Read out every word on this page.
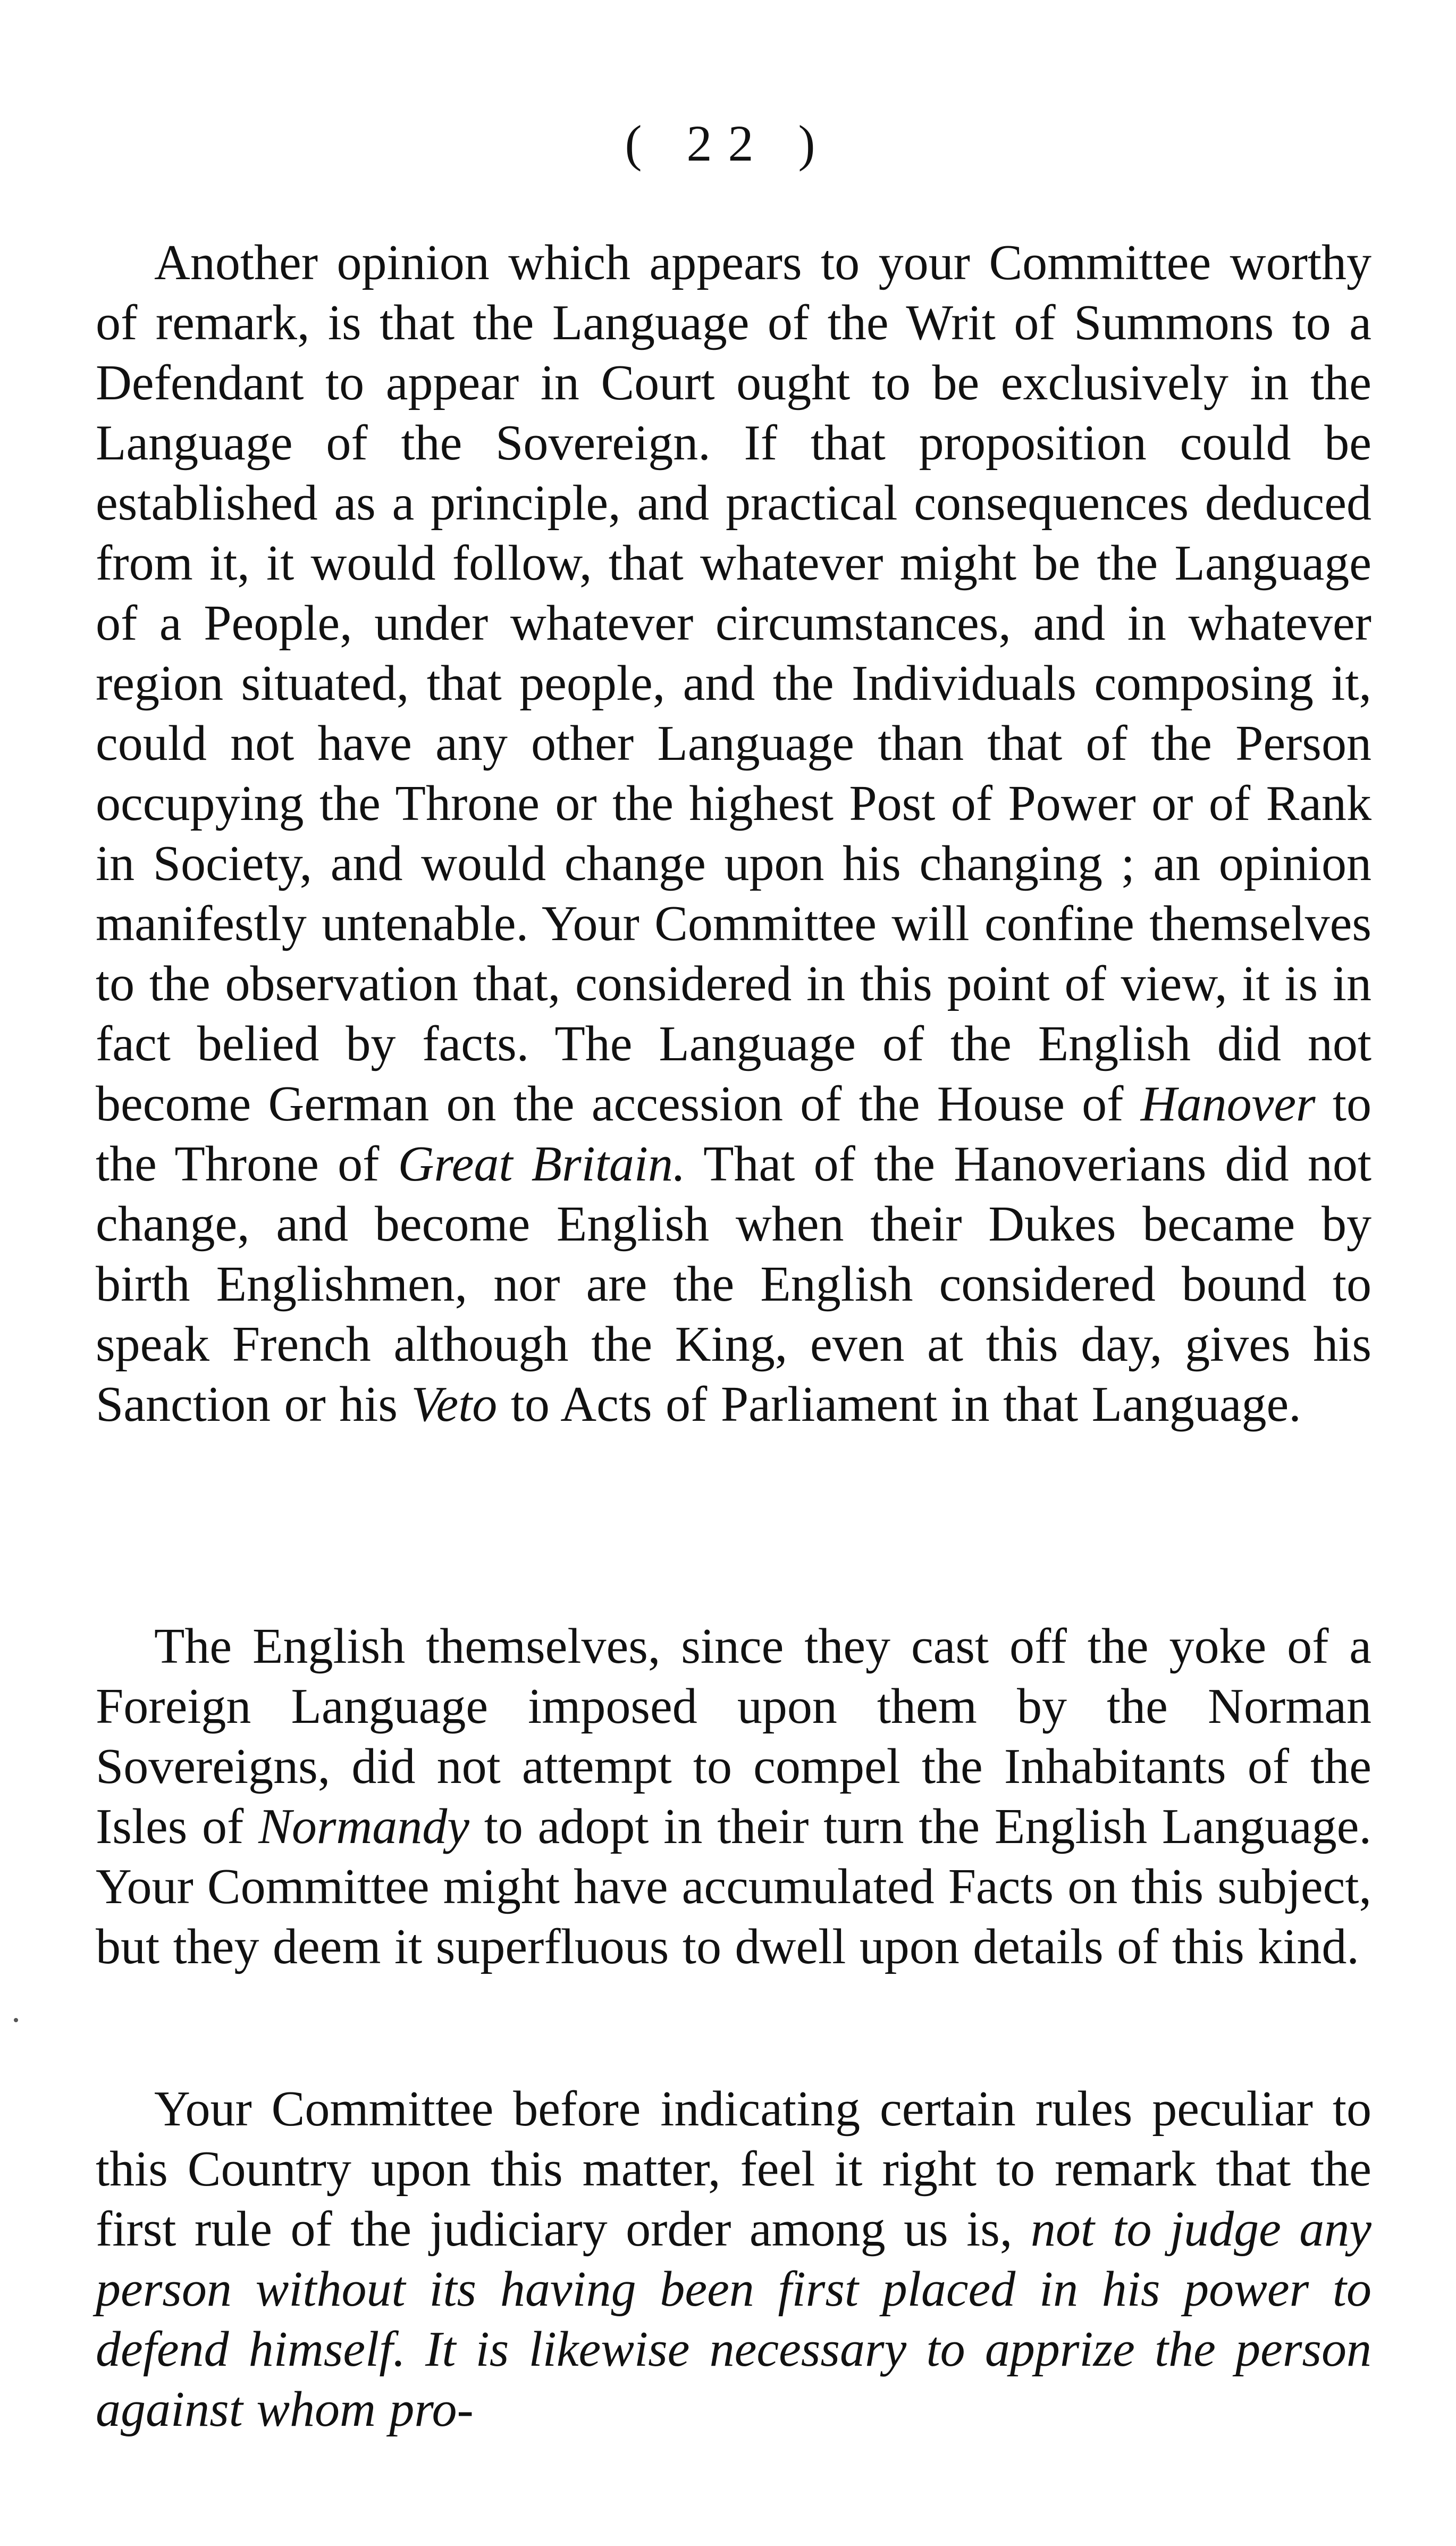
( 22 )

Another opinion which appears to your Committee worthy of remark, is that the Language of the Writ of Summons to a Defendant to appear in Court ought to be exclusively in the Language of the Sovereign. If that proposition could be established as a principle, and practical consequences deduced from it, it would follow, that whatever might be the Language of a People, under whatever circumstances, and in whatever region situated, that people, and the Individuals composing it, could not have any other Language than that of the Person occupying the Throne or the highest Post of Power or of Rank in Society, and would change upon his changing ; an opinion manifestly untenable. Your Committee will confine themselves to the observation that, considered in this point of view, it is in fact belied by facts. The Language of the English did not become German on the accession of the House of Hanover to the Throne of Great Britain. That of the Hanoverians did not change, and become English when their Dukes became by birth Englishmen, nor are the English considered bound to speak French although the King, even at this day, gives his Sanction or his Veto to Acts of Parliament in that Language.

The English themselves, since they cast off the yoke of a Foreign Language imposed upon them by the Norman Sovereigns, did not attempt to compel the Inhabitants of the Isles of Normandy to adopt in their turn the English Language. Your Committee might have accumulated Facts on this subject, but they deem it superfluous to dwell upon details of this kind.

Your Committee before indicating certain rules peculiar to this Country upon this matter, feel it right to remark that the first rule of the judiciary order among us is, not to judge any person without its having been first placed in his power to defend himself. It is likewise necessary to apprize the person against whom pro-
